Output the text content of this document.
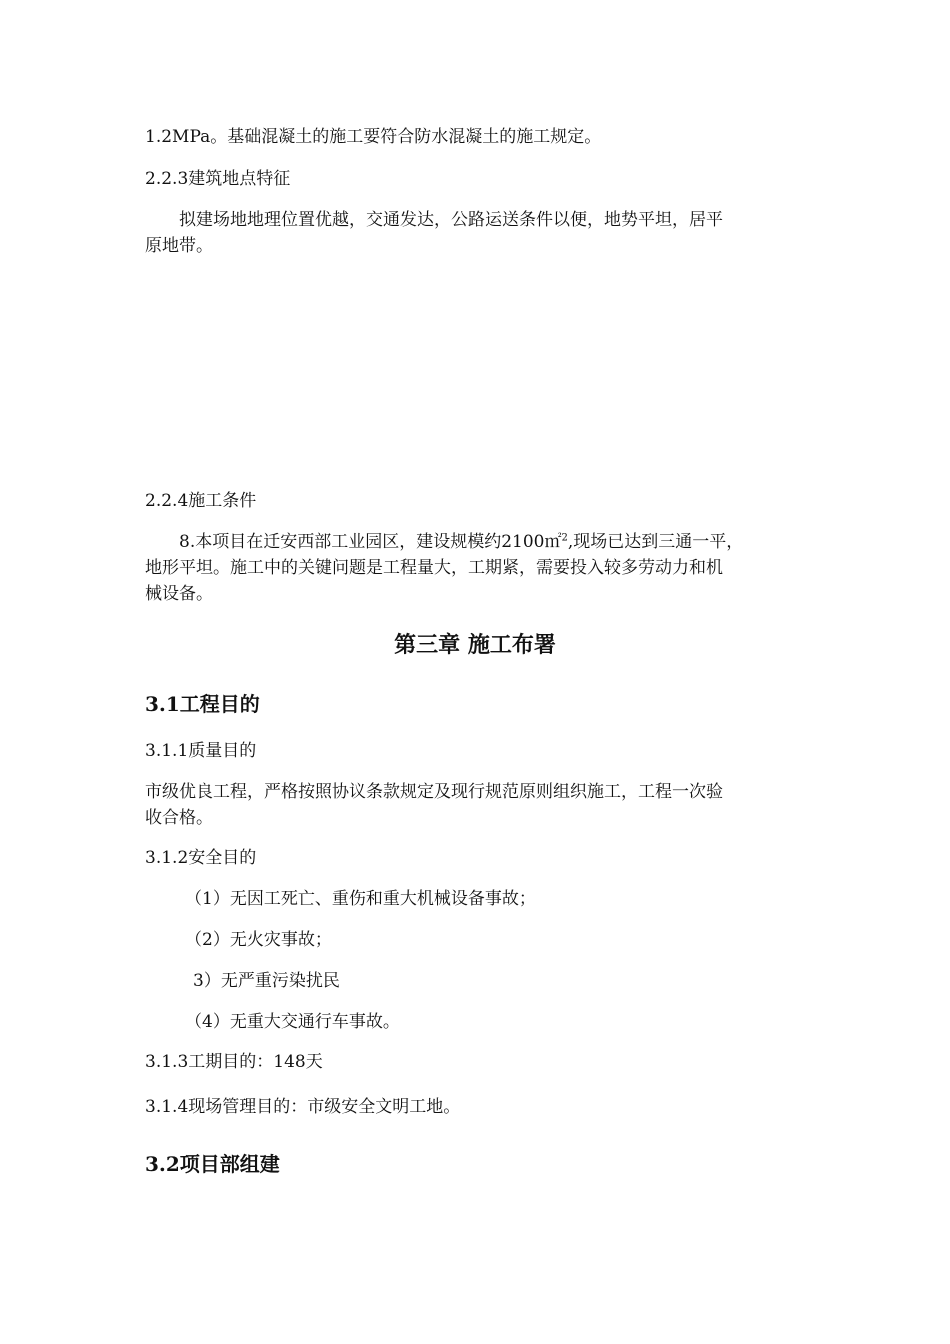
1.2MPa。基础混凝土的施工要符合防水混凝土的施工规定。
2.2.3建筑地点特征
拟建场地地理位置优越，交通发达，公路运送条件以便，地势平坦，居平
原地带。
2.2.4施工条件
8.本项目在迁安西部工业园区，建设规模约2100㎡$^2$,现场已达到三通一平，
地形平坦。施工中的关键问题是工程量大，工期紧，需要投入较多劳动力和机
械设备。
第三章 施工布署
3.1工程目的
3.1.1质量目的
市级优良工程，严格按照协议条款规定及现行规范原则组织施工，工程一次验
收合格。
3.1.2安全目的
（1）无因工死亡、重伤和重大机械设备事故；
（2）无火灾事故；
3）无严重污染扰民
（4）无重大交通行车事故。
3.1.3工期目的：148天
3.1.4现场管理目的：市级安全文明工地。
3.2项目部组建
